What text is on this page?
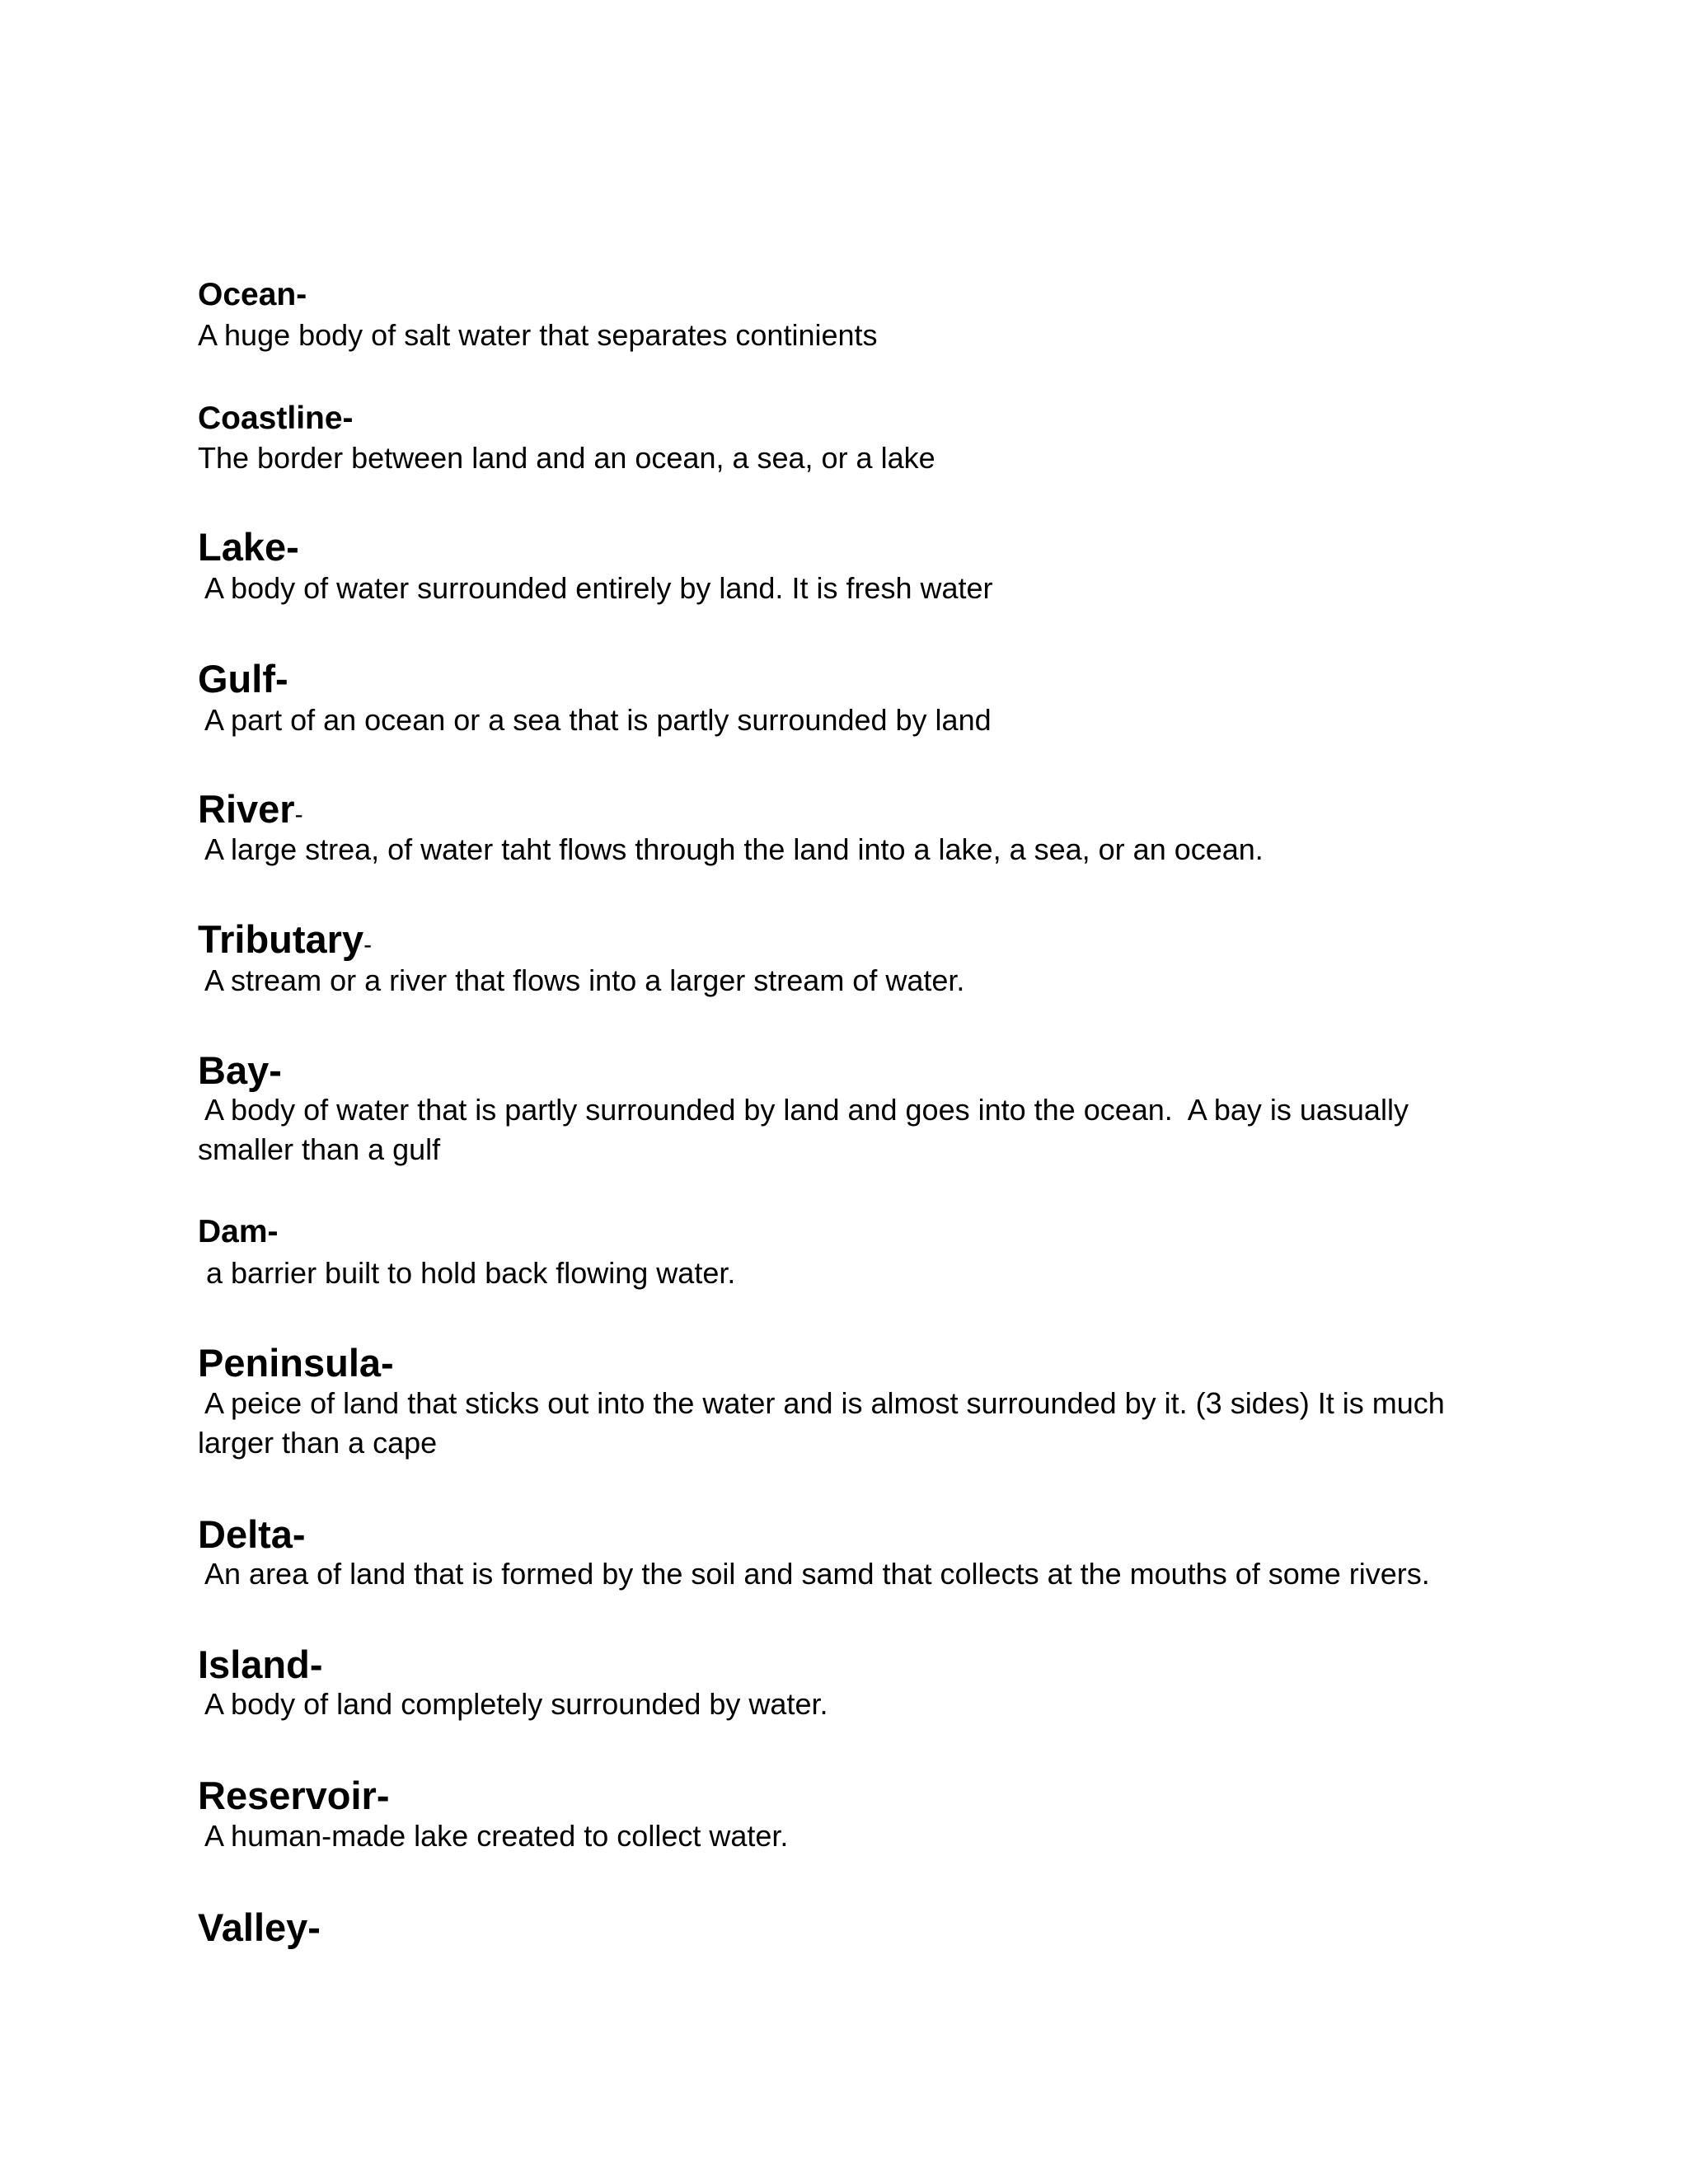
Ocean-
A huge body of salt water that separates continients
Coastline-
The border between land and an ocean, a sea, or a lake
Lake-
A body of water surrounded entirely by land. It is fresh water
Gulf-
A part of an ocean or a sea that is partly surrounded by land
River-
A large strea, of water taht flows through the land into a lake, a sea, or an ocean.
Tributary-
A stream or a river that flows into a larger stream of water.
Bay-
A body of water that is partly surrounded by land and goes into the ocean.  A bay is uasually
smaller than a gulf
Dam-
a barrier built to hold back flowing water.
Peninsula-
A peice of land that sticks out into the water and is almost surrounded by it. (3 sides) It is much
larger than a cape
Delta-
An area of land that is formed by the soil and samd that collects at the mouths of some rivers.
Island-
A body of land completely surrounded by water.
Reservoir-
A human-made lake created to collect water.
Valley-
